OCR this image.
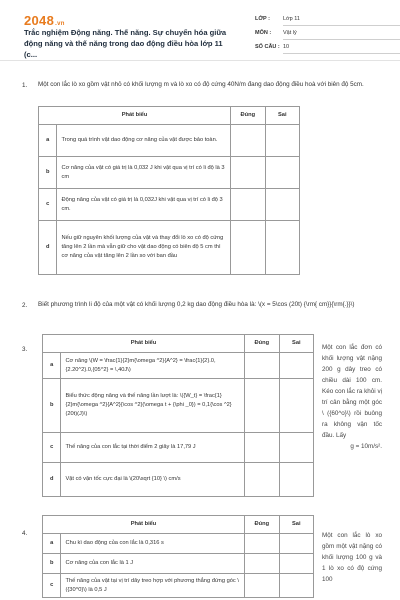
2048.vn
Trắc nghiệm Động năng. Thế năng. Sự chuyển hóa giữa động năng và thế năng trong dao động điều hòa lớp 11 (c...
LỚP : Lớp 11
MÔN : Vật lý
SỐ CÂU : 10
1. Một con lắc lò xo gồm vật nhỏ có khối lượng m và lò xo có độ cứng 40N/m đang dao động điều hoà với biên độ 5cm.
Phát biểu		Đúng	Sai
a	Trong quá trình vật dao động cơ năng của vật được bảo toàn.		
b	Cơ năng của vật có giá trị là 0,032 J khi vật qua vị trí có li độ là 3 cm		
c	Động năng của vật có giá trị là 0,032J khi vật qua vị trí có li độ 3 cm.		
d	Nếu giữ nguyên khối lượng của vật và thay đổi lò xo có độ cứng tăng lên 2 lần mà vẫn giữ cho vật dao động có biên độ 5 cm thì cơ năng của vật tăng lên 2 lần so với ban đầu		
2. Biết phương trình li độ của một vật có khối lượng 0,2 kg dao động điều hòa là: \(x = 5\cos (20t) {\rm{ cm}}{\rm{.}}\)
3.
Phát biểu		Đúng	Sai
a	Cơ năng \(W = \frac{1}{2}m{\omega ^2}{A^2} = \frac{1}{2}.0,{2.20^2}.0,{05^2} = \,40J\)		
b	Biểu thức động năng và thế năng lần lượt là: \({W_t} = \frac{1}{2}m{\omega ^2}{A^2}{\cos ^2}(\omega t + {\phi _0}) = 0,1{\cos ^2}(20t)(J)\)		
c	Thế năng của con lắc tại thời điểm 2 giây là 17,79 J		
d	Vật có vận tốc cực đại là \(20\sqrt {10} \) cm/s		
Một con lắc đơn có khối lượng vật nặng 200 g dây treo có chiều dài 100 cm. Kéo con lắc ra khỏi vị trí cân bằng một góc \ ({60^o}\) rồi buông ra không vận tốc đầu. Lấy
g = 10m/s².
4.
Phát biểu		Đúng	Sai
a	Chu kì dao động của con lắc là 0,316 s		
b	Cơ năng của con lắc là 1 J		
c	Thế năng của vật tại vị trí dây treo hợp với phương thẳng đứng góc \({30^0}\) là 0,5 J		
Một con lắc lò xo gồm một vật nặng có khối lượng 100 g và 1 lò xo có độ cứng 100
